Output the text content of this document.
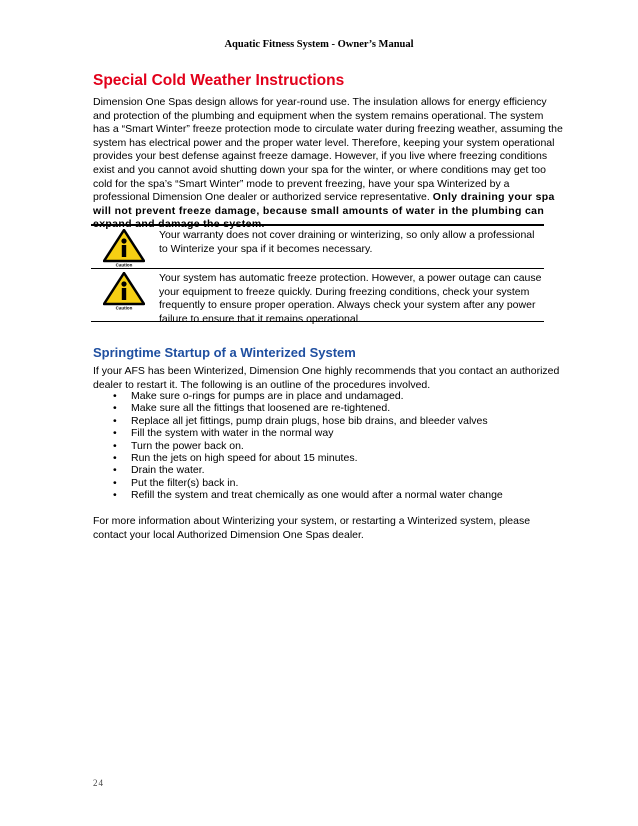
Aquatic Fitness System - Owner’s Manual
Special Cold Weather Instructions

Dimension One Spas design allows for year-round use. The insulation allows for energy efficiency and protection of the plumbing and equipment when the system remains operational. The system has a “Smart Winter” freeze protection mode to circulate water during freezing weather, assuming the system has electrical power and the proper water level. Therefore, keeping your system operational provides your best defense against freeze damage. However, if you live where freezing conditions exist and you cannot avoid shutting down your spa for the winter, or where conditions may get too cold for the spa’s “Smart Winter” mode to prevent freezing, have your spa Winterized by a professional Dimension One dealer or authorized service representative. Only draining your spa will not prevent freeze damage, because small amounts of water in the plumbing can expand and damage the system.

Caution
Your warranty does not cover draining or winterizing, so only allow a professional to Winterize your spa if it becomes necessary.
Caution
Your system has automatic freeze protection. However, a power outage can cause your equipment to freeze quickly. During freezing conditions, check your system frequently to ensure proper operation. Always check your system after any power failure to ensure that it remains operational.
Springtime Startup of a Winterized System

If your AFS has been Winterized, Dimension One highly recommends that you contact an authorized dealer to restart it. The following is an outline of the procedures involved.

• Make sure o-rings for pumps are in place and undamaged.
• Make sure all the fittings that loosened are re-tightened.
• Replace all jet fittings, pump drain plugs, hose bib drains, and bleeder valves
• Fill the system with water in the normal way
• Turn the power back on.
• Run the jets on high speed for about 15 minutes.
• Drain the water.
• Put the filter(s) back in.
• Refill the system and treat chemically as one would after a normal water change

For more information about Winterizing your system, or restarting a Winterized system, please contact your local Authorized Dimension One Spas dealer.

24
